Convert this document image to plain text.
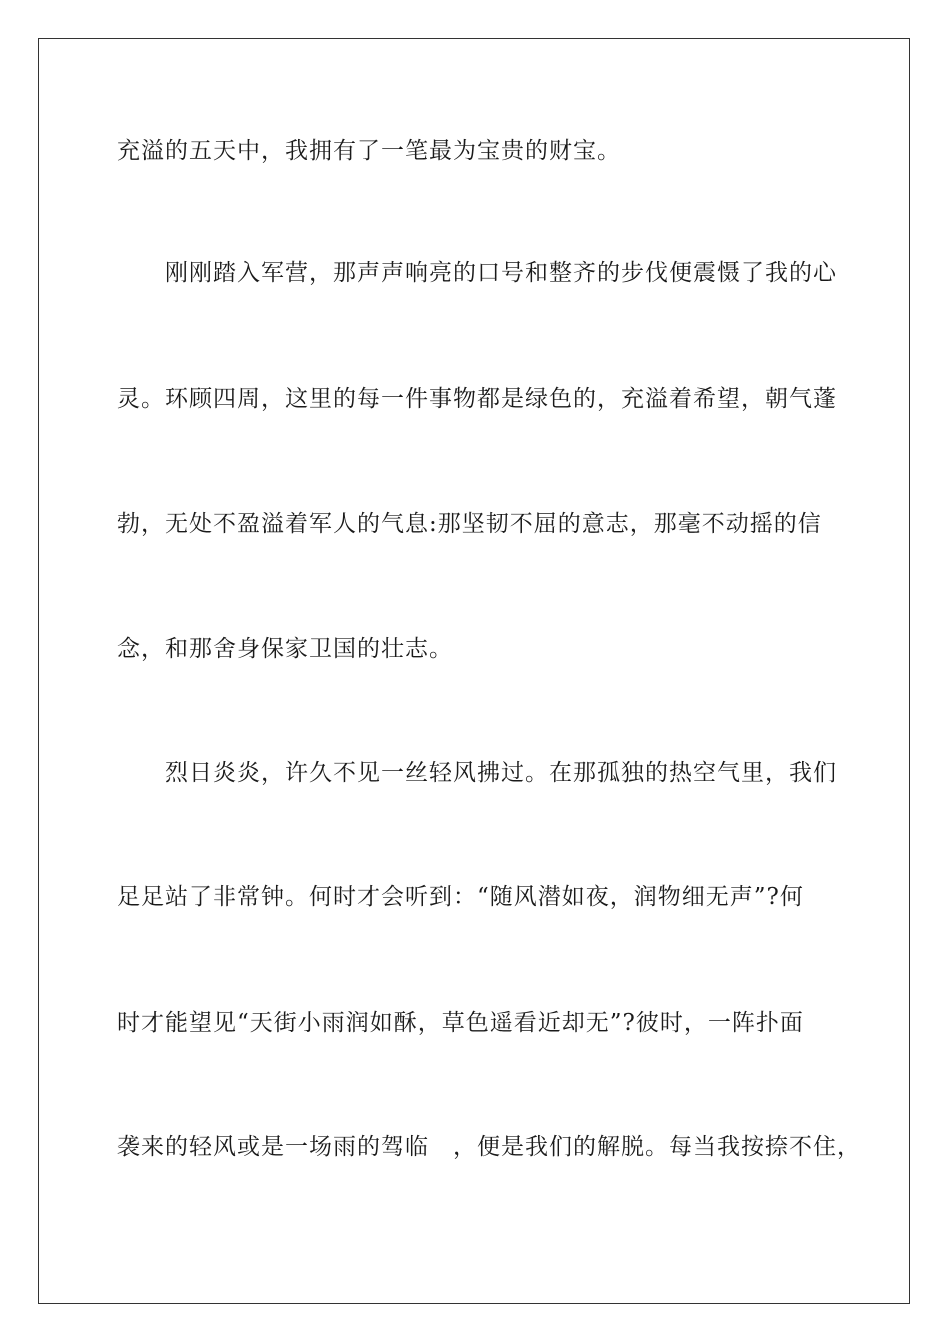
充溢的五天中，我拥有了一笔最为宝贵的财宝。
刚刚踏入军营，那声声响亮的口号和整齐的步伐便震慑了我的心
灵。环顾四周，这里的每一件事物都是绿色的，充溢着希望，朝气蓬
勃，无处不盈溢着军人的气息:那坚韧不屈的意志，那毫不动摇的信
念，和那舍身保家卫国的壮志。
烈日炎炎，许久不见一丝轻风拂过。在那孤独的热空气里，我们
足足站了非常钟。何时才会听到：“随风潜如夜，润物细无声”?何
时才能望见“天街小雨润如酥，草色遥看近却无”?彼时，一阵扑面
袭来的轻风或是一场雨的驾临　，便是我们的解脱。每当我按捺不住，
